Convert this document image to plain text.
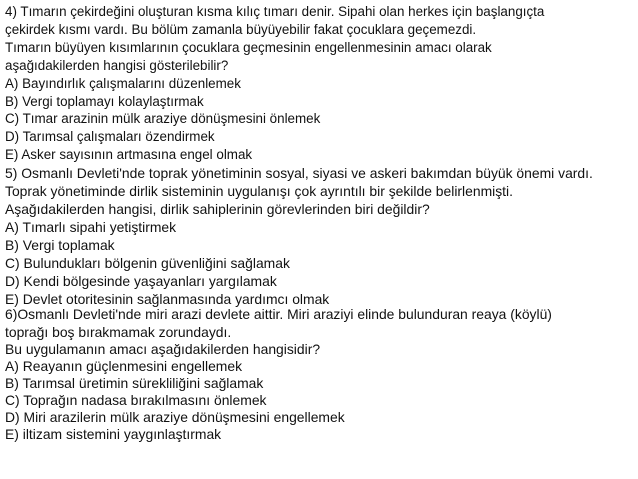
4) Tımarın çekirdeğini oluşturan kısma kılıç tımarı denir. Sipahi olan herkes için başlangıçta
çekirdek kısmı vardı. Bu bölüm zamanla büyüyebilir fakat çocuklara geçemezdi.
Tımarın büyüyen kısımlarının çocuklara geçmesinin engellenmesinin amacı olarak
aşağıdakilerden hangisi gösterilebilir?
A) Bayındırlık çalışmalarını düzenlemek
B) Vergi toplamayı kolaylaştırmak
C) Tımar arazinin mülk araziye dönüşmesini önlemek
D) Tarımsal çalışmaları özendirmek
E) Asker sayısının artmasına engel olmak
5) Osmanlı Devleti'nde toprak yönetiminin sosyal, siyasi ve askeri bakımdan büyük önemi vardı.
Toprak yönetiminde dirlik sisteminin uygulanışı çok ayrıntılı bir şekilde belirlenmişti.
Aşağıdakilerden hangisi, dirlik sahiplerinin görevlerinden biri değildir?
A) Tımarlı sipahi yetiştirmek
B) Vergi toplamak
C) Bulundukları bölgenin güvenliğini sağlamak
D) Kendi bölgesinde yaşayanları yargılamak
E) Devlet otoritesinin sağlanmasında yardımcı olmak
6)Osmanlı Devleti'nde miri arazi devlete aittir. Miri araziyi elinde bulunduran reaya (köylü)
toprağı boş bırakmamak zorundaydı.
Bu uygulamanın amacı aşağıdakilerden hangisidir?
A) Reayanın güçlenmesini engellemek
B) Tarımsal üretimin sürekliliğini sağlamak
C) Toprağın nadasa bırakılmasını önlemek
D) Miri arazilerin mülk araziye dönüşmesini engellemek
E) iltizam sistemini yaygınlaştırmak
